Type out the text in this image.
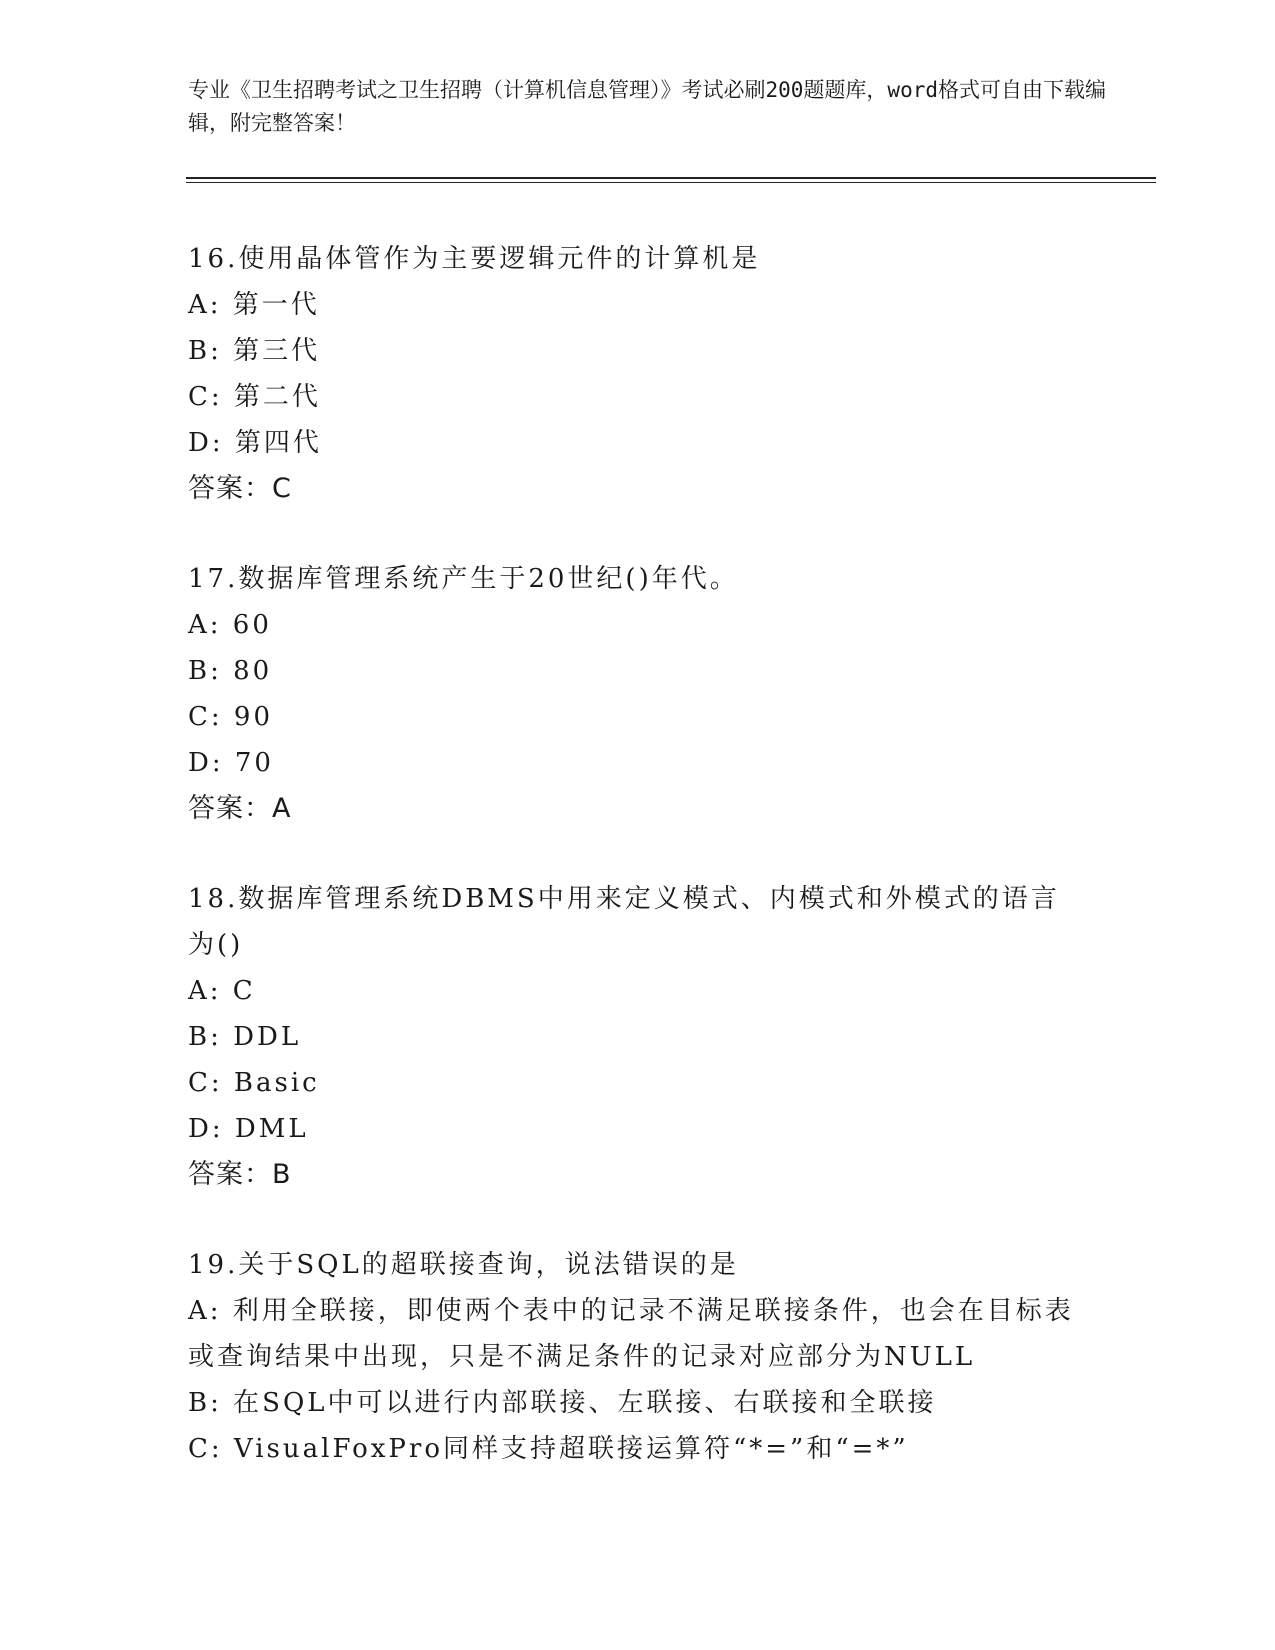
专业《卫生招聘考试之卫生招聘（计算机信息管理）》考试必刷200题题库，word格式可自由下载编辑，附完整答案！
16.使用晶体管作为主要逻辑元件的计算机是
A: 第一代
B: 第三代
C: 第二代
D: 第四代
答案：C
17.数据库管理系统产生于20世纪()年代。
A: 60
B: 80
C: 90
D: 70
答案：A
18.数据库管理系统DBMS中用来定义模式、内模式和外模式的语言为()
A: C
B: DDL
C: Basic
D: DML
答案：B
19.关于SQL的超联接查询，说法错误的是
A: 利用全联接，即使两个表中的记录不满足联接条件，也会在目标表或查询结果中出现，只是不满足条件的记录对应部分为NULL
B: 在SQL中可以进行内部联接、左联接、右联接和全联接
C: VisualFoxPro同样支持超联接运算符“*=”和“=*”
